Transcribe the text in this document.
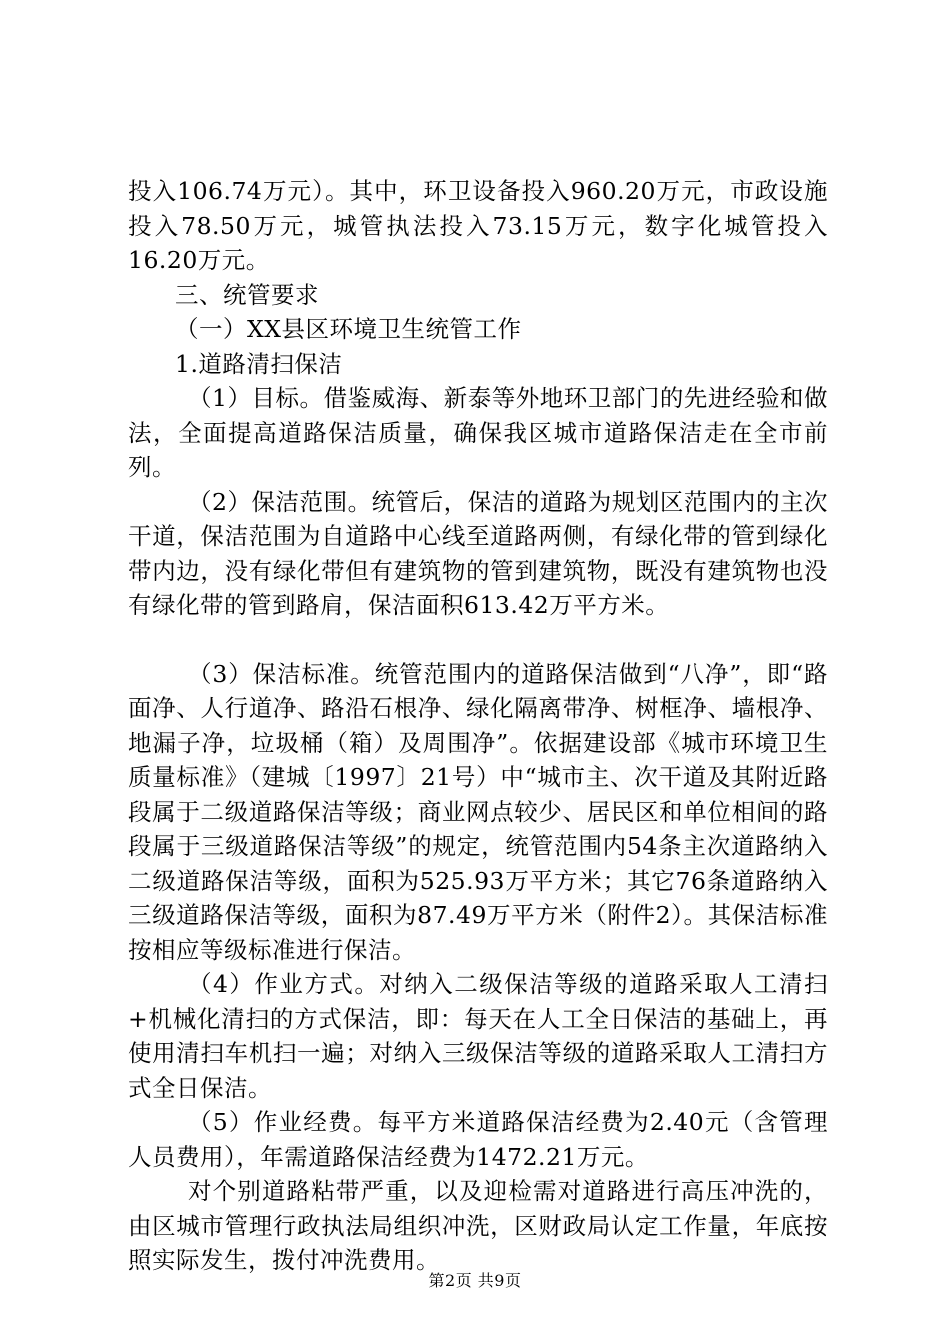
投入106.74万元）。其中，环卫设备投入960.20万元，市政设施投入78.50万元，城管执法投入73.15万元，数字化城管投入16.20万元。

三、统管要求

（一）XX县区环境卫生统管工作

1.道路清扫保洁

（1）目标。借鉴威海、新泰等外地环卫部门的先进经验和做法，全面提高道路保洁质量，确保我区城市道路保洁走在全市前列。

（2）保洁范围。统管后，保洁的道路为规划区范围内的主次干道，保洁范围为自道路中心线至道路两侧，有绿化带的管到绿化带内边，没有绿化带但有建筑物的管到建筑物，既没有建筑物也没有绿化带的管到路肩，保洁面积613.42万平方米。

（3）保洁标准。统管范围内的道路保洁做到“八净”，即“路面净、人行道净、路沿石根净、绿化隔离带净、树框净、墙根净、地漏子净，垃圾桶（箱）及周围净”。依据建设部《城市环境卫生质量标准》（建城〔1997〕21号）中“城市主、次干道及其附近路段属于二级道路保洁等级；商业网点较少、居民区和单位相间的路段属于三级道路保洁等级”的规定，统管范围内54条主次道路纳入二级道路保洁等级，面积为525.93万平方米；其它76条道路纳入三级道路保洁等级，面积为87.49万平方米（附件2）。其保洁标准按相应等级标准进行保洁。

（4）作业方式。对纳入二级保洁等级的道路采取人工清扫+机械化清扫的方式保洁，即：每天在人工全日保洁的基础上，再使用清扫车机扫一遍；对纳入三级保洁等级的道路采取人工清扫方式全日保洁。

（5）作业经费。每平方米道路保洁经费为2.40元（含管理人员费用），年需道路保洁经费为1472.21万元。

对个别道路粘带严重，以及迎检需对道路进行高压冲洗的，由区城市管理行政执法局组织冲洗，区财政局认定工作量，年底按照实际发生，拨付冲洗费用。

第2页 共9页
